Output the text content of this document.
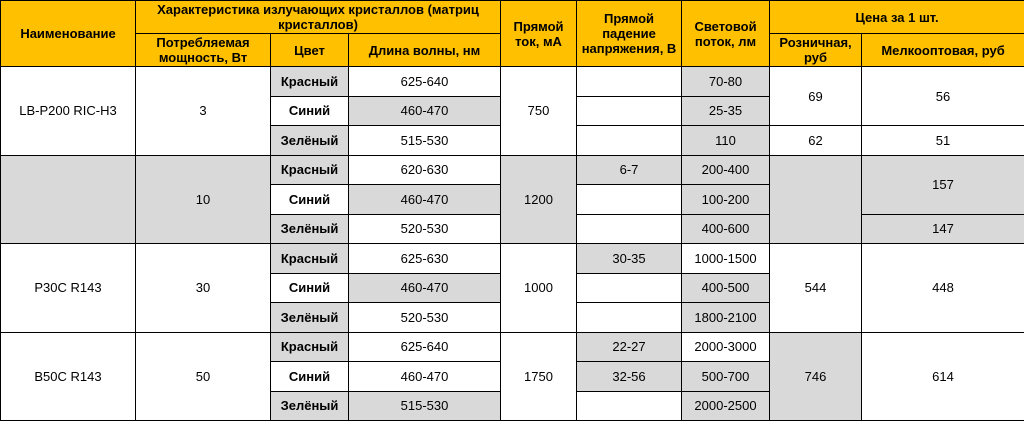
Наименование	Характеристика излучающих кристаллов (матриц кристаллов)			Прямой ток, мА	Прямой падение напряжения, В	Световой поток, лм	Цена за 1 шт.	
	Потребляемая мощность, Вт	Цвет	Длина волны, нм				Розничная, руб	Мелкооптовая, руб
LB-P200 RIC-H3	3	Красный	625-640	750		70-80	69	56
		Синий	460-470			25-35		
		Зелёный	515-530			110	62	51
	10	Красный	620-630	1200	6-7	200-400		157
		Синий	460-470			100-200		
		Зелёный	520-530			400-600		147
P30C R143	30	Красный	625-630	1000	30-35	1000-1500	544	448
		Синий	460-470			400-500		
		Зелёный	520-530			1800-2100		
B50C R143	50	Красный	625-640	1750	22-27	2000-3000	746	614
		Синий	460-470		32-56	500-700		
		Зелёный	515-530			2000-2500		
